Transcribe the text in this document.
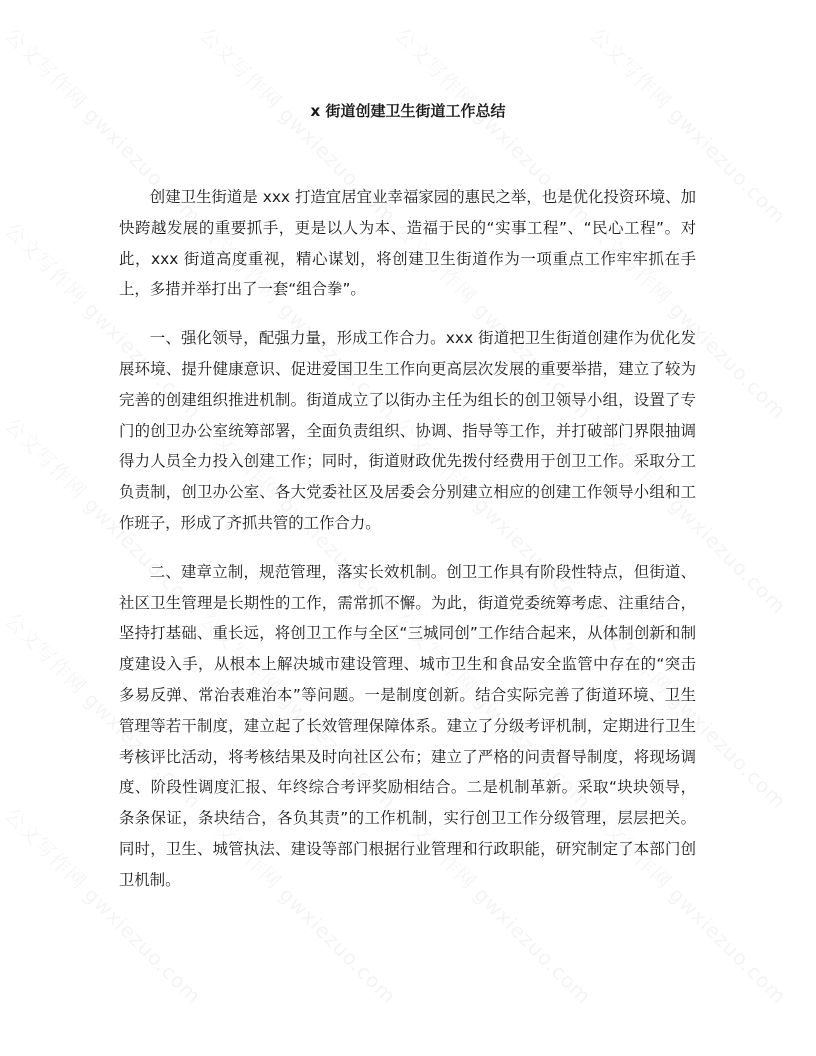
x 街道创建卫生街道工作总结

创建卫生街道是 xxx 打造宜居宜业幸福家园的惠民之举，也是优化投资环境、加快跨越发展的重要抓手，更是以人为本、造福于民的“实事工程”、“民心工程”。对此，xxx 街道高度重视，精心谋划，将创建卫生街道作为一项重点工作牢牢抓在手上，多措并举打出了一套“组合拳”。

一、强化领导，配强力量，形成工作合力。xxx 街道把卫生街道创建作为优化发展环境、提升健康意识、促进爱国卫生工作向更高层次发展的重要举措，建立了较为完善的创建组织推进机制。街道成立了以街办主任为组长的创卫领导小组，设置了专门的创卫办公室统筹部署，全面负责组织、协调、指导等工作，并打破部门界限抽调得力人员全力投入创建工作；同时，街道财政优先拨付经费用于创卫工作。采取分工负责制，创卫办公室、各大党委社区及居委会分别建立相应的创建工作领导小组和工作班子，形成了齐抓共管的工作合力。

二、建章立制，规范管理，落实长效机制。创卫工作具有阶段性特点，但街道、社区卫生管理是长期性的工作，需常抓不懈。为此，街道党委统筹考虑、注重结合，坚持打基础、重长远，将创卫工作与全区“三城同创”工作结合起来，从体制创新和制度建设入手，从根本上解决城市建设管理、城市卫生和食品安全监管中存在的“突击多易反弹、常治表难治本”等问题。一是制度创新。结合实际完善了街道环境、卫生管理等若干制度，建立起了长效管理保障体系。建立了分级考评机制，定期进行卫生考核评比活动，将考核结果及时向社区公布；建立了严格的问责督导制度，将现场调度、阶段性调度汇报、年终综合考评奖励相结合。二是机制革新。采取“块块领导，条条保证，条块结合，各负其责”的工作机制，实行创卫工作分级管理，层层把关。同时，卫生、城管执法、建设等部门根据行业管理和行政职能，研究制定了本部门创卫机制。
